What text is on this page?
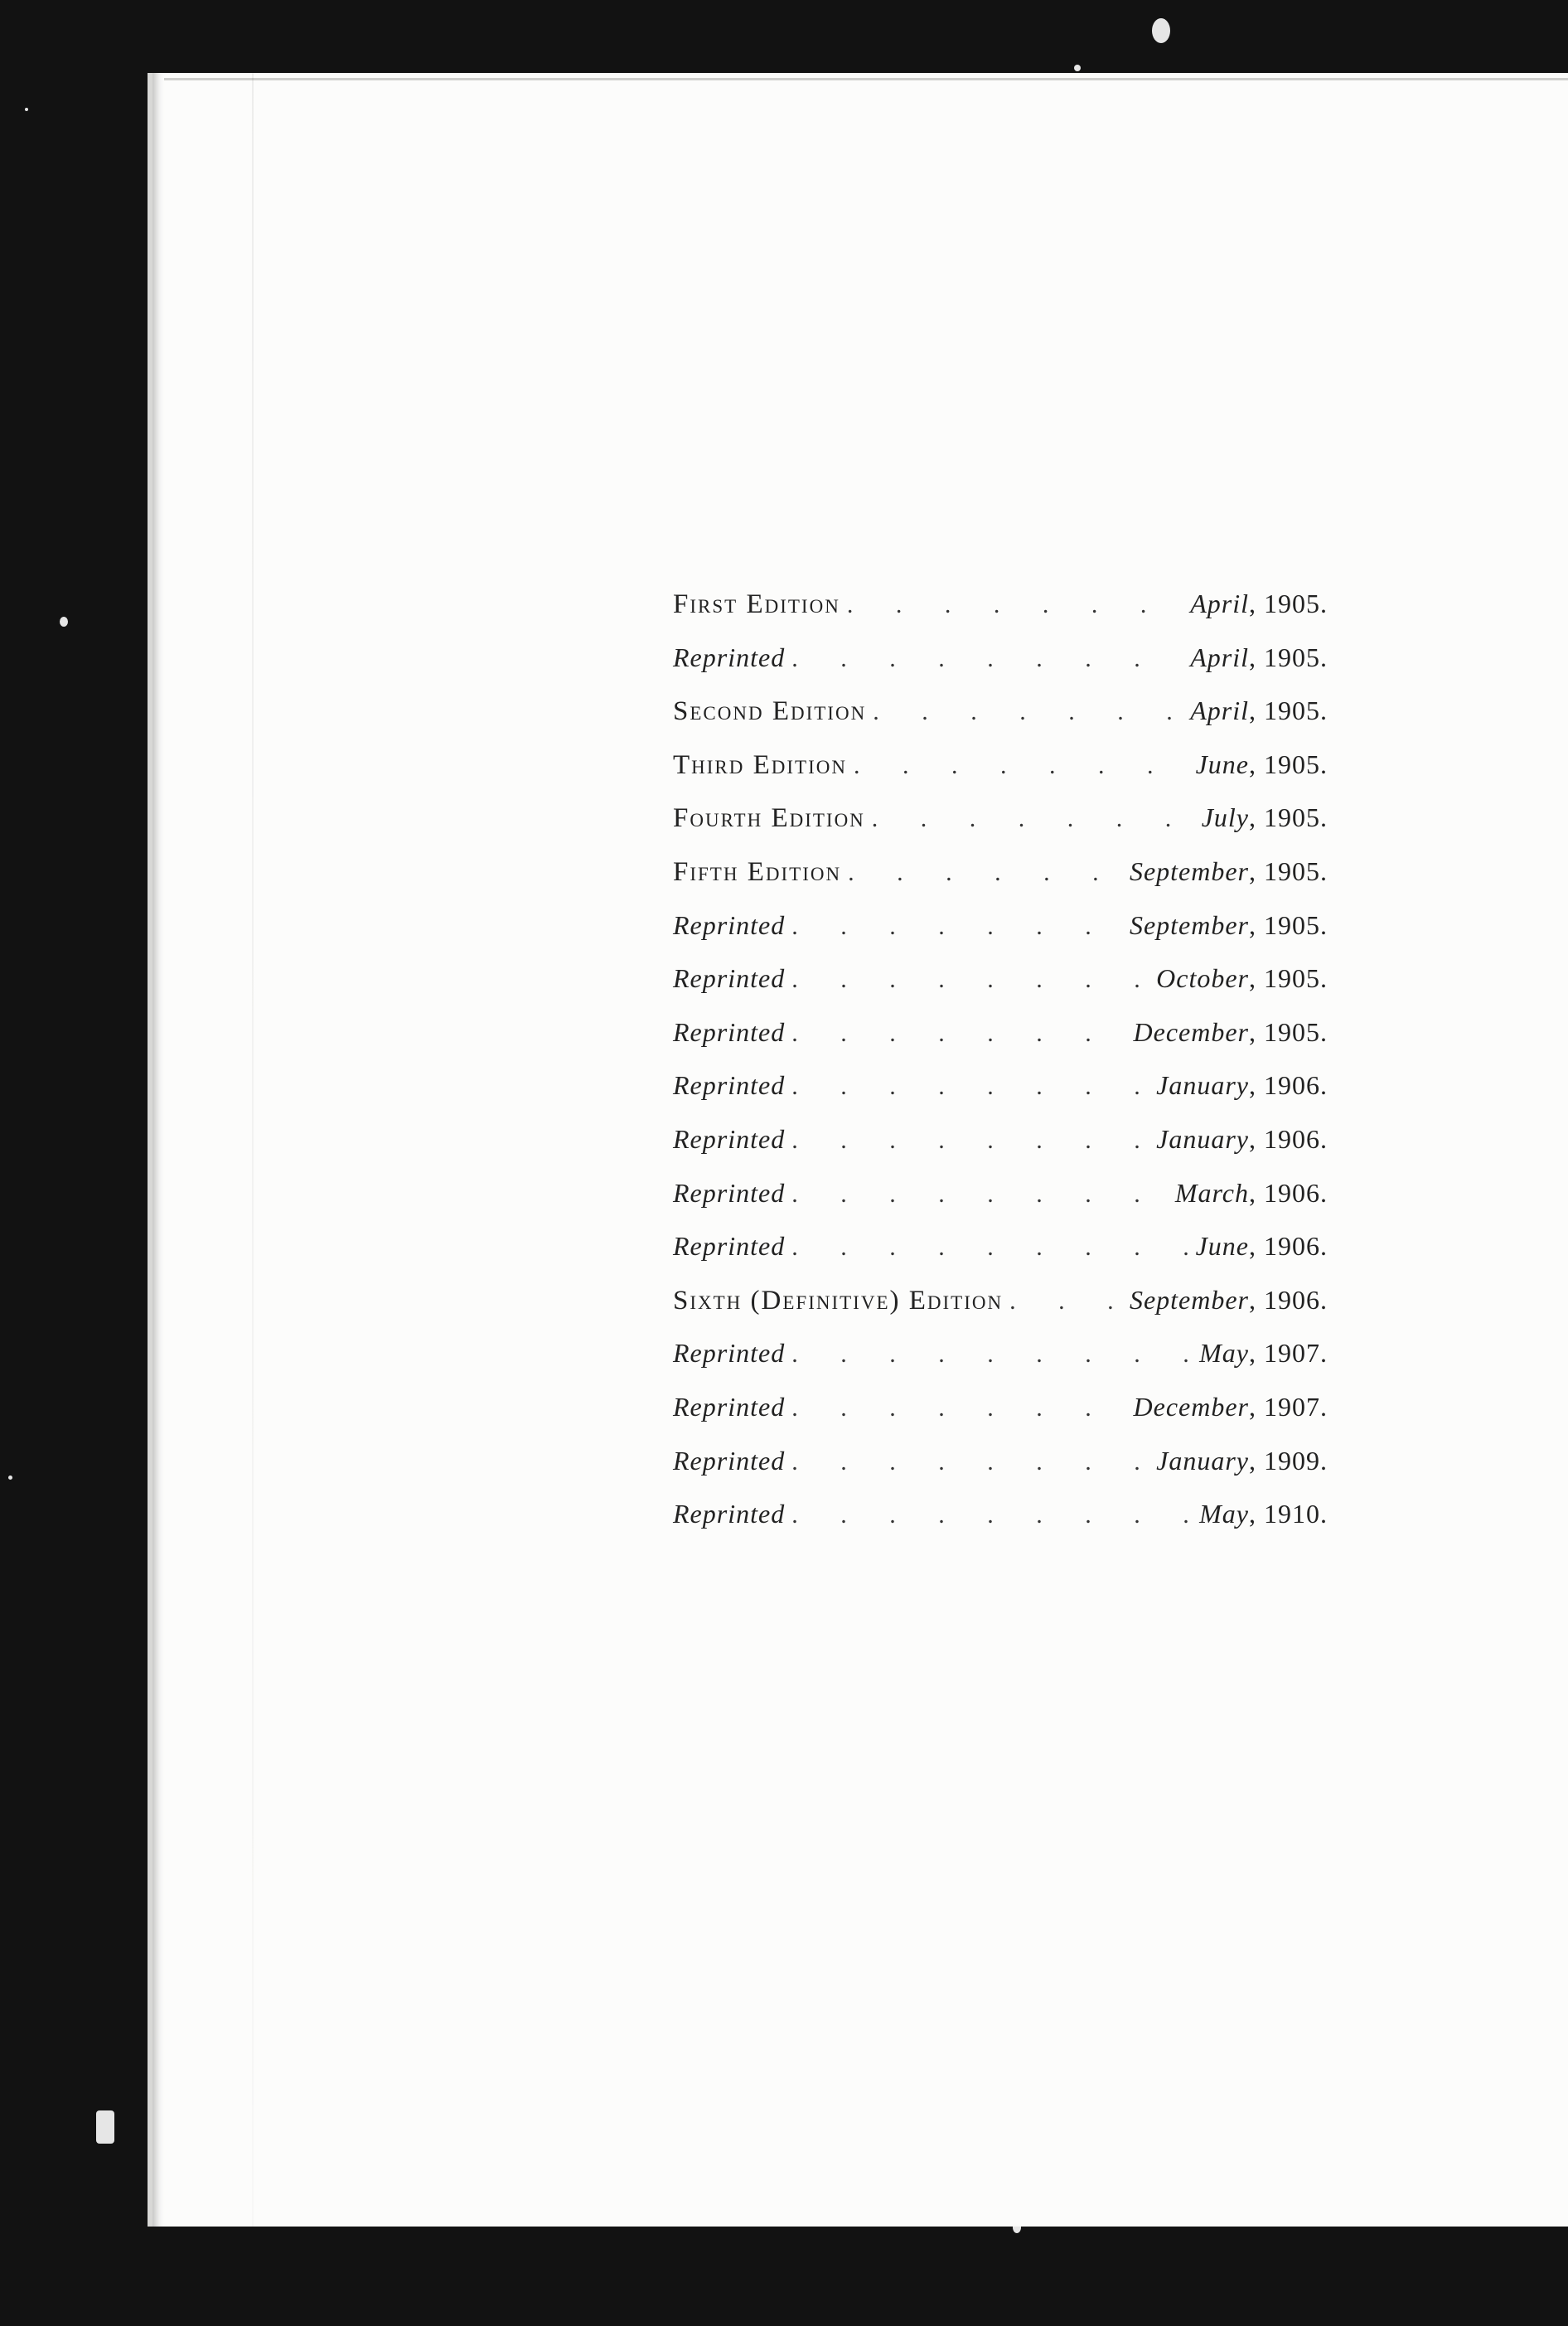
First Edition . . .	April, 1905.
Reprinted . . .	April, 1905.
Second Edition . . .	April, 1905.
Third Edition . . .	June, 1905.
Fourth Edition . . .	July, 1905.
Fifth Edition . . .	September, 1905.
Reprinted . . .	September, 1905.
Reprinted . . .	October, 1905.
Reprinted . . .	December, 1905.
Reprinted . . .	January, 1906.
Reprinted . . .	January, 1906.
Reprinted . . .	March, 1906.
Reprinted . . .	June, 1906.
Sixth (Definitive) Edition . . .	September, 1906.
Reprinted . . .	May, 1907.
Reprinted . . .	December, 1907.
Reprinted . . .	January, 1909.
Reprinted . . .	May, 1910.
